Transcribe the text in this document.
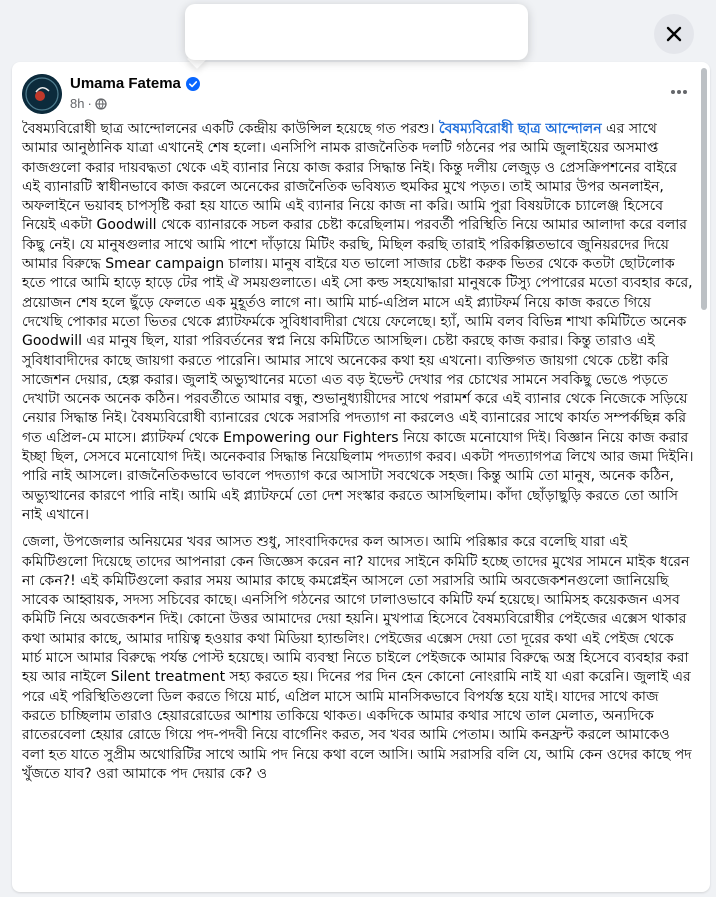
Umama Fatema
8h ·

বৈষম্যবিরোধী ছাত্র আন্দোলনের একটি কেন্দ্রীয় কাউন্সিল হয়েছে গত পরশু। বৈষম্যবিরোধী ছাত্র আন্দোলন এর সাথে আমার আনুষ্ঠানিক যাত্রা এখানেই শেষ হলো। এনসিপি নামক রাজনৈতিক দলটি গঠনের পর আমি জুলাইয়ের অসমাপ্ত কাজগুলো করার দায়বদ্ধতা থেকে এই ব্যানার নিয়ে কাজ করার সিদ্ধান্ত নিই। কিন্তু দলীয় লেজুড় ও প্রেসক্রিপশনের বাইরে এই ব্যানারটি স্বাধীনভাবে কাজ করলে অনেকের রাজনৈতিক ভবিষ্যত হুমকির মুখে পড়ত। তাই আমার উপর অনলাইন, অফলাইনে ভয়াবহ চাপসৃষ্টি করা হয় যাতে আমি এই ব্যানার নিয়ে কাজ না করি। আমি পুরা বিষয়টাকে চ্যালেঞ্জ হিসেবে নিয়েই একটা Goodwill থেকে ব্যানারকে সচল করার চেষ্টা করেছিলাম। পরবর্তী পরিস্থিতি নিয়ে আমার আলাদা করে বলার কিছু নেই। যে মানুষগুলার সাথে আমি পাশে দাঁড়ায়ে মিটিং করছি, মিছিল করছি তারাই পরিকল্পিতভাবে জুনিয়রদের দিয়ে আমার বিরুদ্ধে Smear campaign চালায়। মানুষ বাইরে যত ভালো সাজার চেষ্টা করুক ভিতর থেকে কতটা ছোটলোক হতে পারে আমি হাড়ে হাড়ে টের পাই ঐ সময়গুলাতে। এই সো কল্ড সহযোদ্ধারা মানুষকে টিস্যু পেপারের মতো ব্যবহার করে, প্রয়োজন শেষ হলে ছুঁড়ে ফেলতে এক মুহূর্তও লাগে না। আমি মার্চ-এপ্রিল মাসে এই প্ল্যাটফর্ম নিয়ে কাজ করতে গিয়ে দেখেছি পোকার মতো ভিতর থেকে প্ল্যাটফর্মকে সুবিধাবাদীরা খেয়ে ফেলেছে। হ্যাঁ, আমি বলব বিভিন্ন শাখা কমিটিতে অনেক Goodwill এর মানুষ ছিল, যারা পরিবর্তনের স্বপ্ন নিয়ে কমিটিতে আসছিল। চেষ্টা করছে কাজ করার। কিন্তু তারাও এই সুবিধাবাদীদের কাছে জায়গা করতে পারেনি। আমার সাথে অনেকের কথা হয় এখনো। ব্যক্তিগত জায়গা থেকে চেষ্টা করি সাজেশন দেয়ার, হেল্প করার। জুলাই অভ্যুত্থানের মতো এত বড় ইভেন্ট দেখার পর চোখের সামনে সবকিছু ভেঙে পড়তে দেখাটা অনেক অনেক কঠিন। পরবর্তীতে আমার বন্ধু, শুভানুধ্যায়ীদের সাথে পরামর্শ করে এই ব্যানার থেকে নিজেকে সড়িয়ে নেয়ার সিদ্ধান্ত নিই। বৈষম্যবিরোধী ব্যানারের থেকে সরাসরি পদত্যাগ না করলেও এই ব্যানারের সাথে কার্যত সম্পর্কছিন্ন করি গত এপ্রিল-মে মাসে। প্ল্যাটফর্ম থেকে Empowering our Fighters নিয়ে কাজে মনোযোগ দিই। বিজ্ঞান নিয়ে কাজ করার ইচ্ছা ছিল, সেসবে মনোযোগ দিই। অনেকবার সিদ্ধান্ত নিয়েছিলাম পদত্যাগ করব। একটা পদত্যাগপত্র লিখে আর জমা দিইনি। পারি নাই আসলে। রাজনৈতিকভাবে ভাবলে পদত্যাগ করে আসাটা সবথেকে সহজ। কিন্তু আমি তো মানুষ, অনেক কঠিন, অভ্যুত্থানের কারণে পারি নাই। আমি এই প্ল্যাটফর্মে তো দেশ সংস্কার করতে আসছিলাম। কাঁদা ছোঁড়াছুড়ি করতে তো আসি নাই এখানে।

জেলা, উপজেলার অনিয়মের খবর আসত শুধু, সাংবাদিকদের কল আসত। আমি পরিষ্কার করে বলেছি যারা এই কমিটিগুলো দিয়েছে তাদের আপনারা কেন জিজ্ঞেস করেন না? যাদের সাইনে কমিটি হচ্ছে তাদের মুখের সামনে মাইক ধরেন না কেন?! এই কমিটিগুলো করার সময় আমার কাছে কমপ্লেইন আসলে তো সরাসরি আমি অবজেকশনগুলো জানিয়েছি সাবেক আহ্বায়ক, সদস্য সচিবের কাছে। এনসিপি গঠনের আগে ঢালাওভাবে কমিটি ফর্ম হয়েছে। আমিসহ কয়েকজন এসব কমিটি নিয়ে অবজেকশন দিই। কোনো উত্তর আমাদের দেয়া হয়নি। মুখপাত্র হিসেবে বৈষম্যবিরোধীর পেইজের এক্সেস থাকার কথা আমার কাছে, আমার দায়িত্ব হওয়ার কথা মিডিয়া হ্যান্ডলিং। পেইজের এক্সেস দেয়া তো দূরের কথা এই পেইজ থেকে মার্চ মাসে আমার বিরুদ্ধে পর্যন্ত পোস্ট হয়েছে। আমি ব্যবস্থা নিতে চাইলে পেইজকে আমার বিরুদ্ধে অস্ত্র হিসেবে ব্যবহার করা হয় আর নাইলে Silent treatment সহ্য করতে হয়। দিনের পর দিন হেন কোনো নোংরামি নাই যা এরা করেনি। জুলাই এর পরে এই পরিস্থিতিগুলো ডিল করতে গিয়ে মার্চ, এপ্রিল মাসে আমি মানসিকভাবে বিপর্যস্ত হয়ে যাই। যাদের সাথে কাজ করতে চাচ্ছিলাম তারাও হেয়াররোডের আশায় তাকিয়ে থাকত। একদিকে আমার কথার সাথে তাল মেলাত, অন্যদিকে রাতেরবেলা হেয়ার রোডে গিয়ে পদ-পদবী নিয়ে বার্গেনিং করত, সব খবর আমি পেতাম। আমি কনফ্রন্ট করলে আমাকেও বলা হত যাতে সুপ্রীম অথোরিটির সাথে আমি পদ নিয়ে কথা বলে আসি। আমি সরাসরি বলি যে, আমি কেন ওদের কাছে পদ খুঁজতে যাব? ওরা আমাকে পদ দেয়ার কে? ও
